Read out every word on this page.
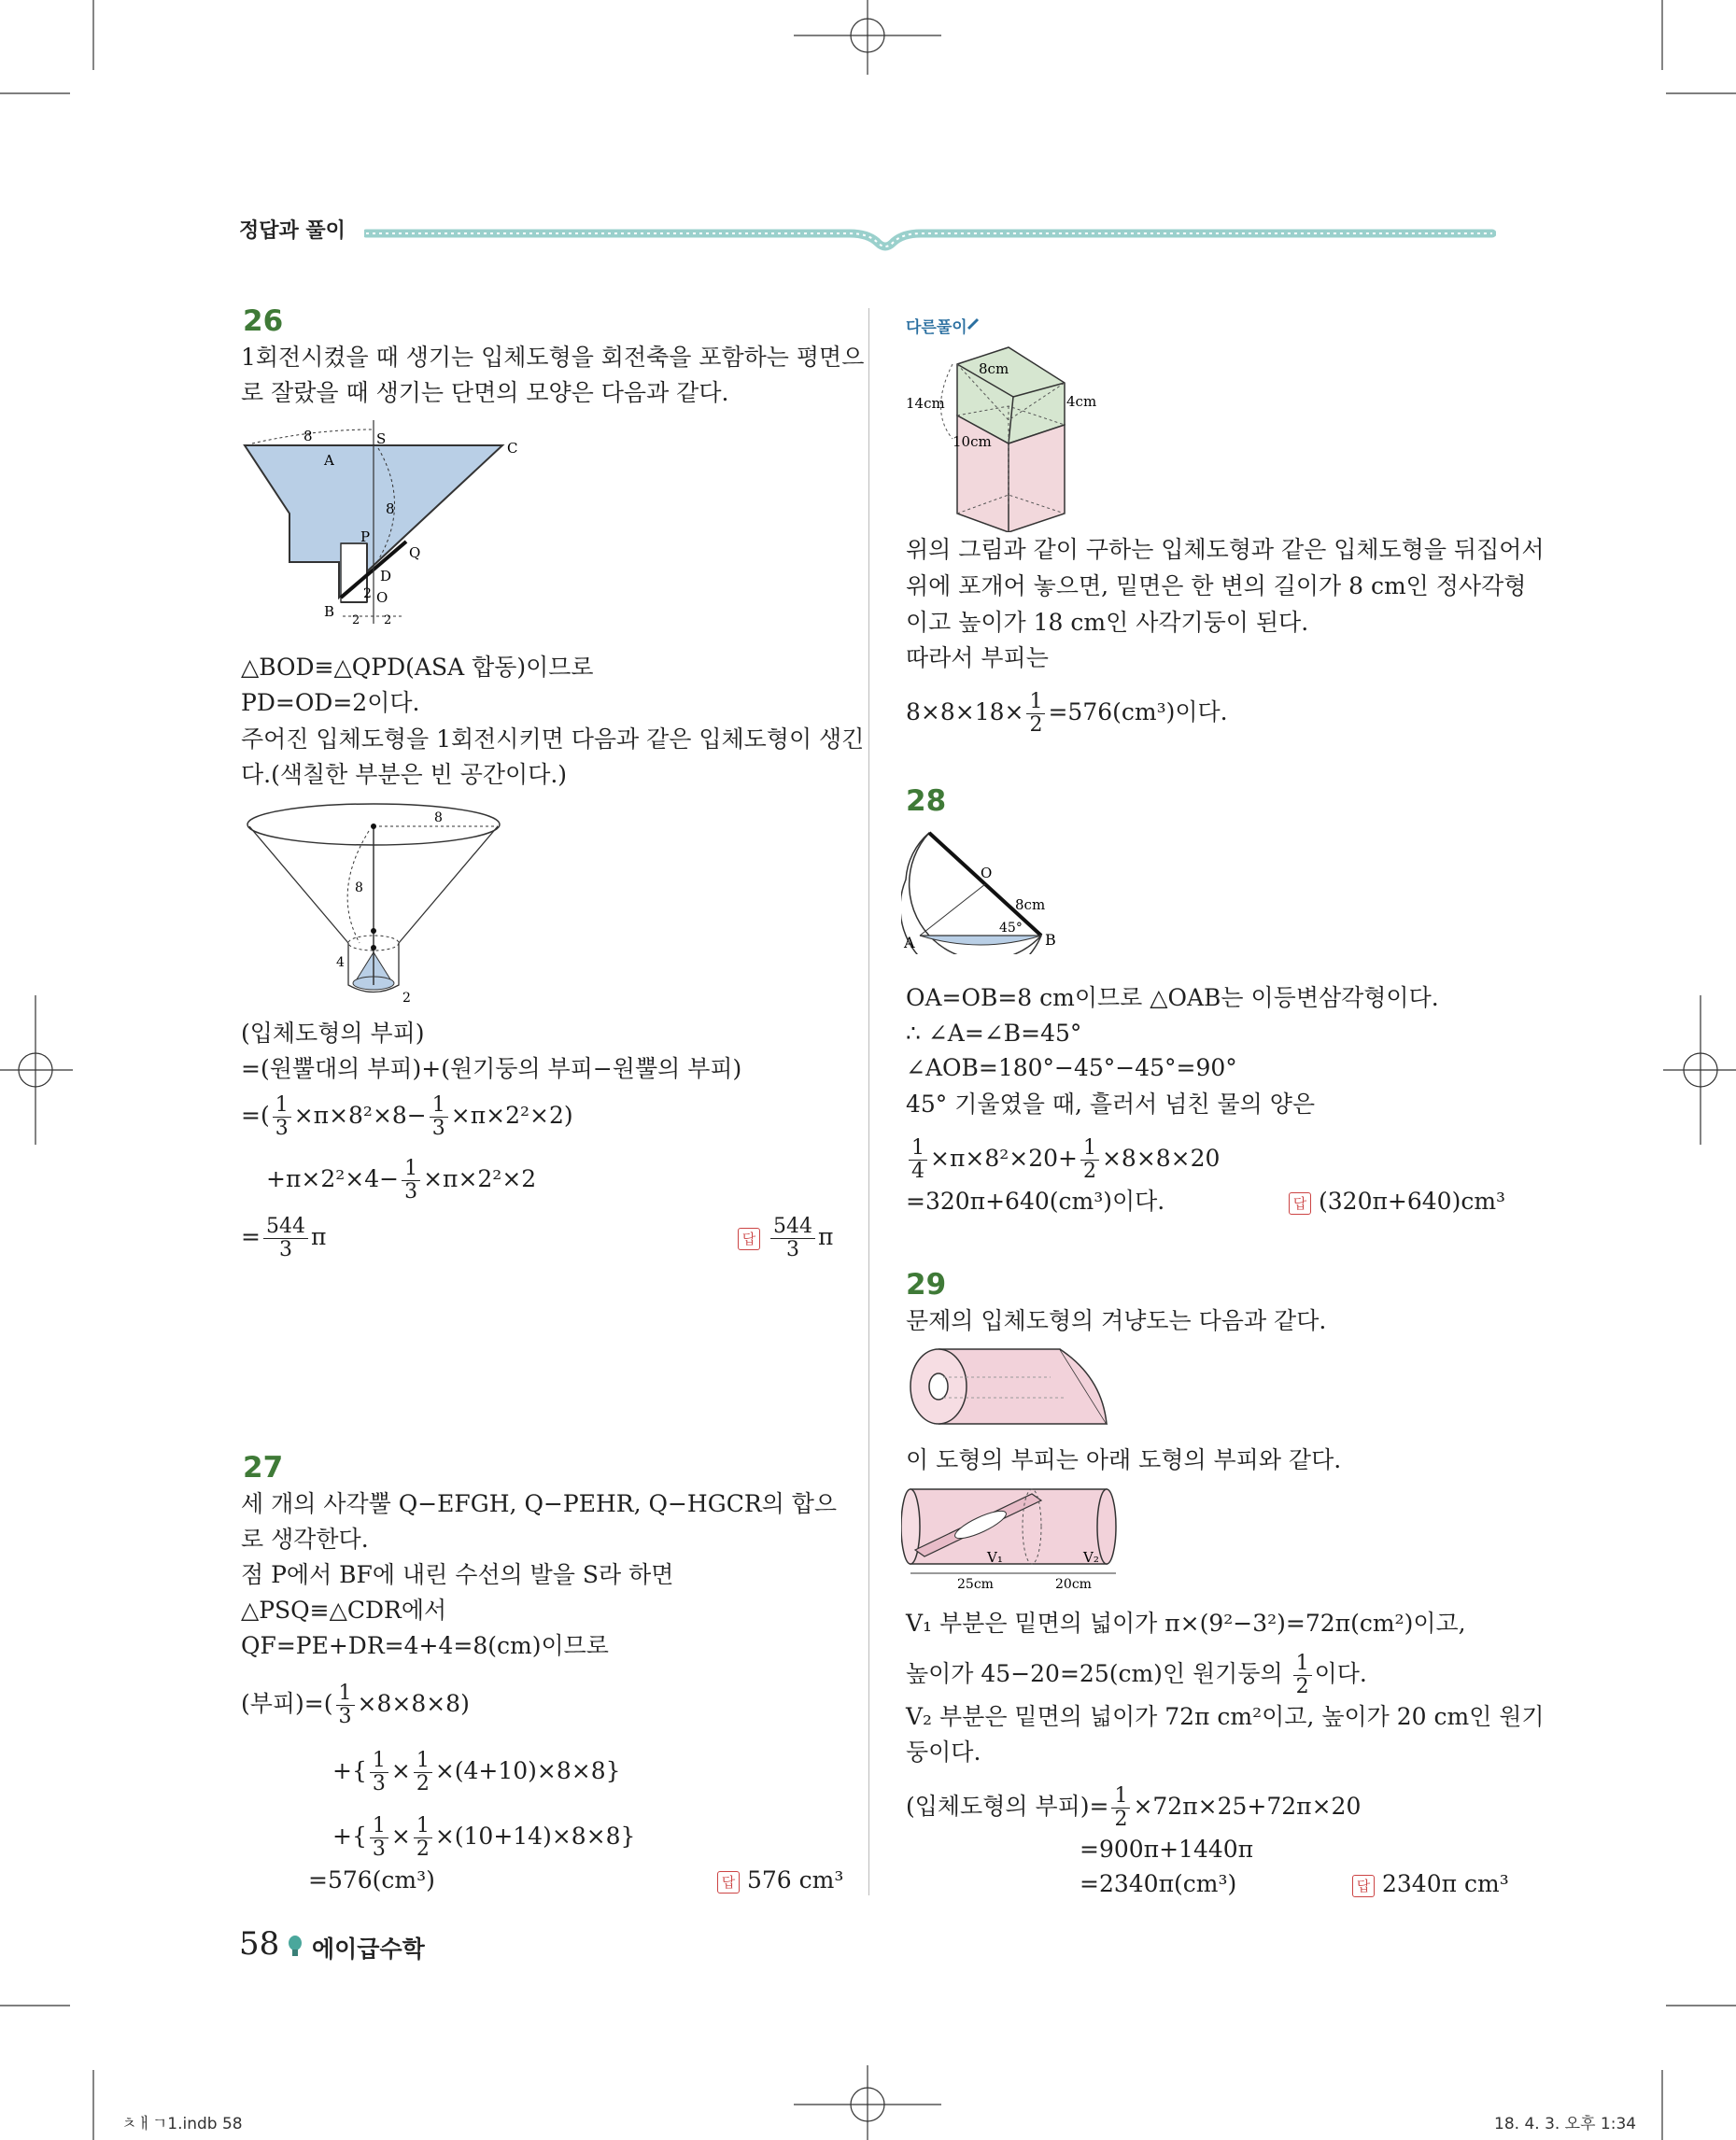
정답과 풀이
26
1회전시켰을 때 생기는 입체도형을 회전축을 포함하는 평면으
로 잘랐을 때 생기는 단면의 모양은 다음과 같다.
8	S
C
A
8
P
Q
D
2 O
B
2 2
△BOD≡△QPD(ASA 합동)이므로
PD=OD=2이다.
주어진 입체도형을 1회전시키면 다음과 같은 입체도형이 생긴
다.(색칠한 부분은 빈 공간이다.)
8
8
4
2
(입체도형의 부피)
=(원뿔대의 부피)+(원기둥의 부피−원뿔의 부피)
=( $\frac{1}{3} \times\pi\times 8^2\times 8- \frac{1}{3} \times\pi\times 2^2\times 2$)
$+\pi\times 2^2\times 4- \frac{1}{3} \times\pi\times 2^2\times 2$
= $\frac{544}{3}$ π	답 $\frac{544}{3}$ π
27
세 개의 사각뿔 Q−EFGH, Q−PEHR, Q−HGCR의 합으
로 생각한다.
점 P에서 BF에 내린 수선의 발을 S라 하면
△PSQ≡△CDR에서
QF=PE+DR=4+4=8(cm)이므로
(부피)=( $\frac{1}{3} \times 8\times 8\times 8$)
+{ $\frac{1}{3} \times \frac{1}{2} \times(4+10)\times 8\times 8$}
+{ $\frac{1}{3} \times \frac{1}{2} \times(10+14)\times 8\times 8$}
=576(cm³)	답 576 cm³
다른풀이
8cm
14cm	4cm
10cm
위의 그림과 같이 구하는 입체도형과 같은 입체도형을 뒤집어서
위에 포개어 놓으면, 밑면은 한 변의 길이가 8 cm인 정사각형
이고 높이가 18 cm인 사각기둥이 된다.
따라서 부피는
$8\times 8\times 18\times \frac{1}{2} =576(cm^3)$이다.
28
O
8cm
45°
A	B
OA=OB=8 cm이므로 △OAB는 이등변삼각형이다.
∴ ∠A=∠B=45°
∠AOB=180°−45°−45°=90°
45° 기울였을 때, 흘러서 넘친 물의 양은
$\frac{1}{4} \times\pi\times 8^2\times 20+ \frac{1}{2} \times 8\times 8\times 20$
=320π+640(cm³)이다.	답 (320π+640)cm³
29
문제의 입체도형의 겨냥도는 다음과 같다.
이 도형의 부피는 아래 도형의 부피와 같다.
V₁	V₂
25cm	20cm
V₁ 부분은 밑면의 넓이가 π×(9²−3²)=72π(cm²)이고,
높이가 45−20=25(cm)인 원기둥의 $\frac{1}{2}$ 이다.
V₂ 부분은 밑면의 넓이가 72π cm²이고, 높이가 20 cm인 원기
둥이다.
(입체도형의 부피)= $\frac{1}{2} \times 72\pi\times 25+72\pi\times 20$
=900π+1440π
=2340π(cm³)	답 2340π cm³
58 에이급수학
ㅊㅐㄱ1.indb 58	18. 4. 3. 오후 1:34
